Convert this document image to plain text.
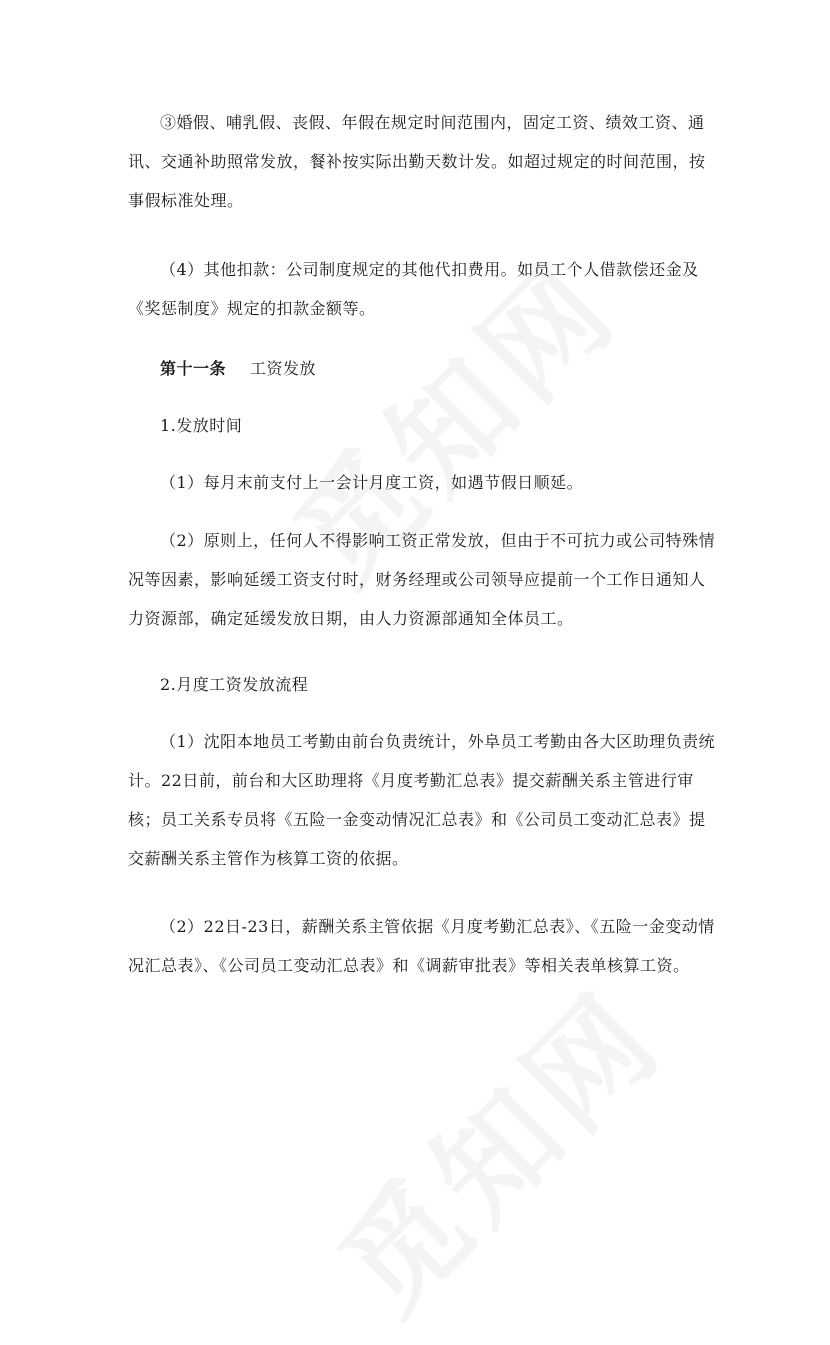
③婚假、哺乳假、丧假、年假在规定时间范围内，固定工资、绩效工资、通讯、交通补助照常发放，餐补按实际出勤天数计发。如超过规定的时间范围，按事假标准处理。

（4）其他扣款：公司制度规定的其他代扣费用。如员工个人借款偿还金及《奖惩制度》规定的扣款金额等。

第十一条 工资发放

1.发放时间

（1）每月末前支付上一会计月度工资，如遇节假日顺延。

（2）原则上，任何人不得影响工资正常发放，但由于不可抗力或公司特殊情况等因素，影响延缓工资支付时，财务经理或公司领导应提前一个工作日通知人力资源部，确定延缓发放日期，由人力资源部通知全体员工。

2.月度工资发放流程

（1）沈阳本地员工考勤由前台负责统计，外阜员工考勤由各大区助理负责统计。22日前，前台和大区助理将《月度考勤汇总表》提交薪酬关系主管进行审核；员工关系专员将《五险一金变动情况汇总表》和《公司员工变动汇总表》提交薪酬关系主管作为核算工资的依据。

（2）22日-23日，薪酬关系主管依据《月度考勤汇总表》、《五险一金变动情况汇总表》、《公司员工变动汇总表》和《调薪审批表》等相关表单核算工资。
